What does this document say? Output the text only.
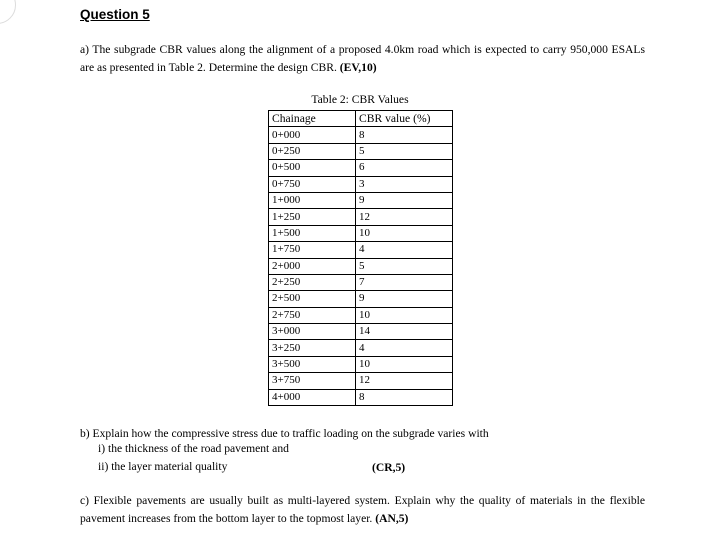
Question 5
a) The subgrade CBR values along the alignment of a proposed 4.0km road which is expected to carry 950,000 ESALs are as presented in Table 2. Determine the design CBR. (EV,10)
Table 2: CBR Values
Chainage	CBR value (%)
0+000	8
0+250	5
0+500	6
0+750	3
1+000	9
1+250	12
1+500	10
1+750	4
2+000	5
2+250	7
2+500	9
2+750	10
3+000	14
3+250	4
3+500	10
3+750	12
4+000	8
b) Explain how the compressive stress due to traffic loading on the subgrade varies with
i) the thickness of the road pavement and
ii) the layer material quality	(CR,5)
c) Flexible pavements are usually built as multi-layered system. Explain why the quality of materials in the flexible pavement increases from the bottom layer to the topmost layer. (AN,5)
